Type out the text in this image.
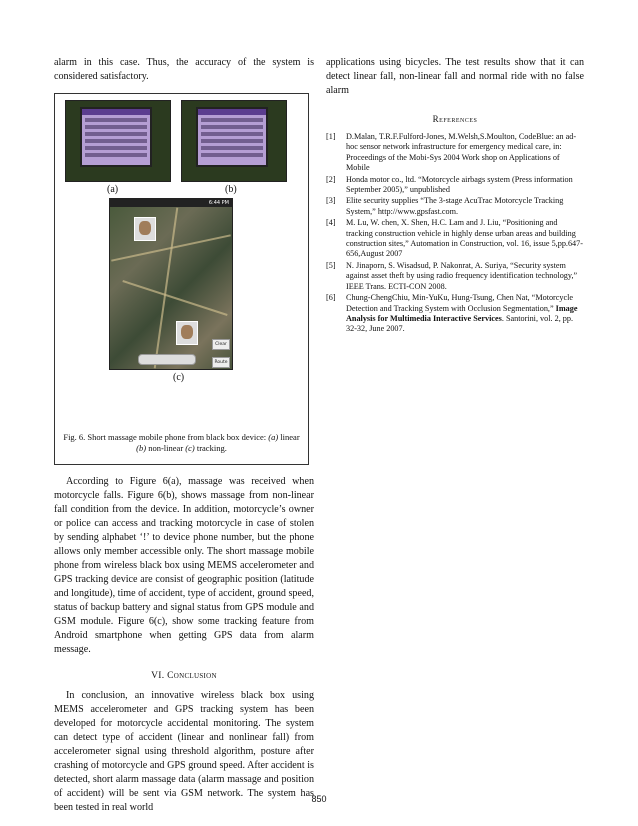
alarm in this case. Thus, the accuracy of the system is considered satisfactory.

(a)	(b)
6:44 PM
Clear
Route
(c)
Fig. 6. Short massage mobile phone from black box device: (a) linear (b) non-linear (c) tracking.

According to Figure 6(a), massage was received when motorcycle falls. Figure 6(b), shows massage from non-linear fall condition from the device. In addition, motorcycle’s owner or police can access and tracking motorcycle in case of stolen by sending alphabet ‘!’ to device phone number, but the phone allows only member accessible only. The short massage mobile phone from wireless black box using MEMS accelerometer and GPS tracking device are consist of geographic position (latitude and longitude), time of accident, type of accident, ground speed, status of backup battery and signal status from GPS module and GSM module. Figure 6(c), show some tracking feature from Android smartphone when getting GPS data from alarm message.

VI. Conclusion

In conclusion, an innovative wireless black box using MEMS accelerometer and GPS tracking system has been developed for motorcycle accidental monitoring. The system can detect type of accident (linear and nonlinear fall) from accelerometer signal using threshold algorithm, posture after crashing of motorcycle and GPS ground speed. After accident is detected, short alarm massage data (alarm massage and position of accident) will be sent via GSM network. The system has been tested in real world

applications using bicycles. The test results show that it can detect linear fall, non-linear fall and normal ride with no false alarm

References
[1]	D.Malan, T.R.F.Fulford-Jones, M.Welsh,S.Moulton, CodeBlue: an ad-hoc sensor network infrastructure for emergency medical care, in: Proceedings of the Mobi-Sys 2004 Work shop on Applications of Mobile
[2]	Honda motor co., ltd. “Motorcycle airbags system (Press information September 2005),” unpublished
[3]	Elite security supplies “The 3-stage AcuTrac Motorcycle Tracking System,” http://www.gpsfast.com.
[4]	M. Lu, W. chen, X. Shen, H.C. Lam and J. Liu, “Positioning and tracking construction vehicle in highly dense urban areas and building construction sites,” Automation in Construction, vol. 16, issue 5,pp.647-656,August 2007
[5]	N. Jinaporn, S. Wisadsud, P. Nakonrat, A. Suriya, “Security system against asset theft by using radio frequency identification technology,” IEEE Trans. ECTI-CON 2008.
[6]	Chung-ChengChiu, Min-YuKu, Hung-Tsung, Chen Nat, “Motorcycle Detection and Tracking System with Occlusion Segmentation,” Image Analysis for Multimedia Interactive Services. Santorini, vol. 2, pp. 32-32, June 2007.
850
